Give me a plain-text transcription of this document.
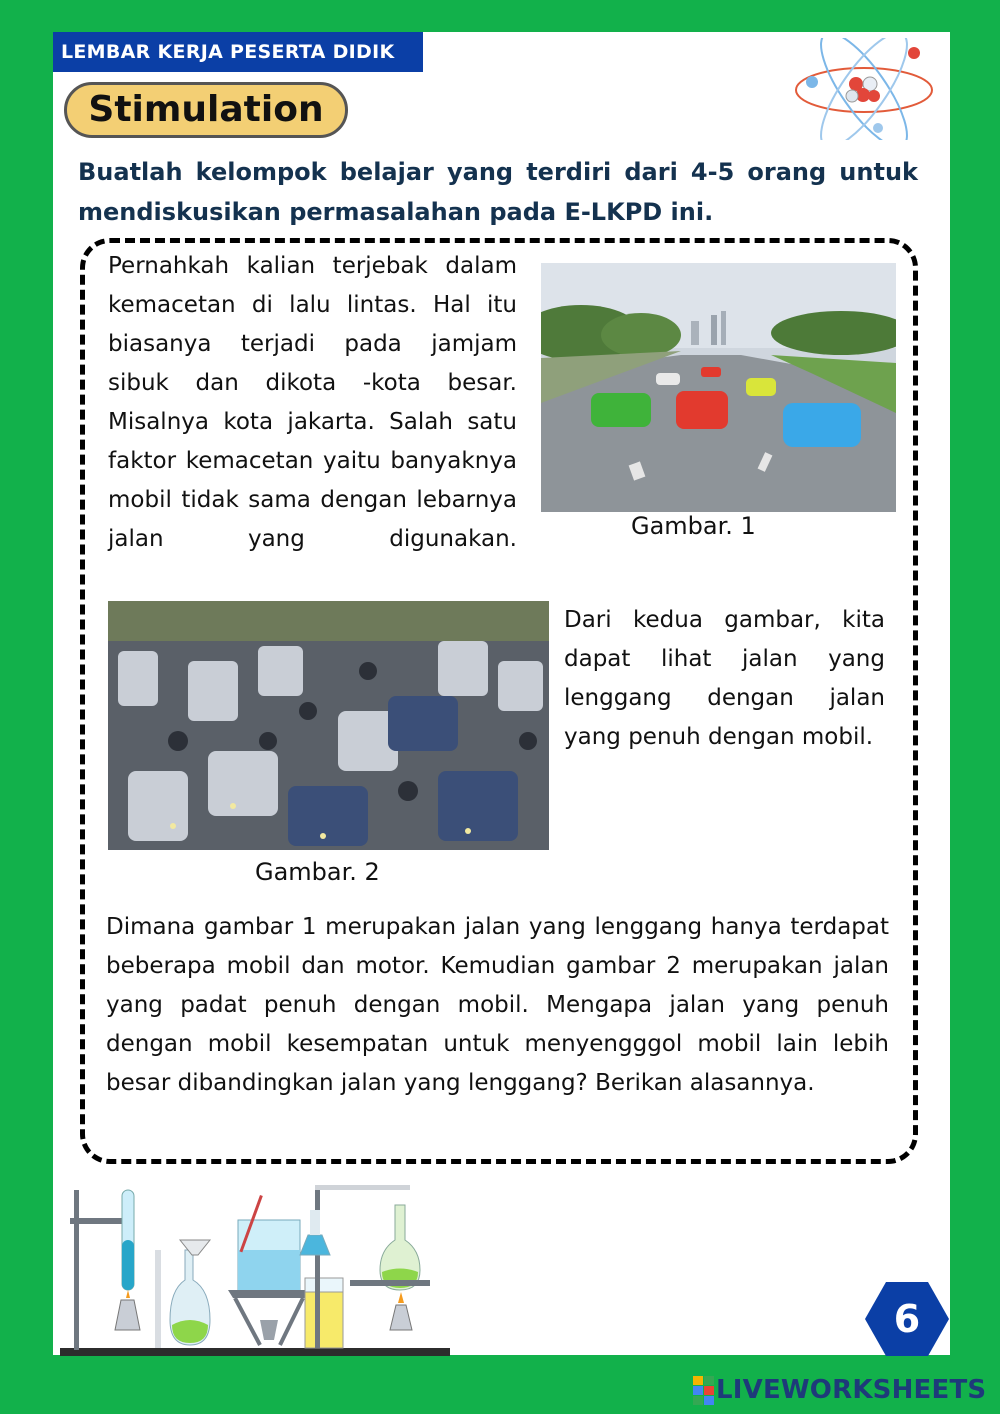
LEMBAR KERJA PESERTA DIDIK
Stimulation
Buatlah kelompok belajar yang terdiri dari 4-5 orang untuk mendiskusikan permasalahan pada E-LKPD ini.
Pernahkah kalian terjebak dalam kemacetan di lalu lintas. Hal itu biasanya terjadi pada jamjam sibuk dan dikota -kota besar. Misalnya kota jakarta. Salah satu faktor kemacetan yaitu banyaknya mobil tidak sama dengan lebarnya jalan yang digunakan.	Gambar. 1
Dari kedua gambar, kita dapat lihat jalan yang lenggang dengan jalan yang penuh dengan mobil.
Gambar. 2
Dimana gambar 1 merupakan jalan yang lenggang hanya terdapat beberapa mobil dan motor. Kemudian gambar 2 merupakan jalan yang padat penuh dengan mobil. Mengapa jalan yang penuh dengan mobil kesempatan untuk menyengggol mobil lain lebih besar dibandingkan jalan yang lenggang? Berikan alasannya.
6
LIVEWORKSHEETS
